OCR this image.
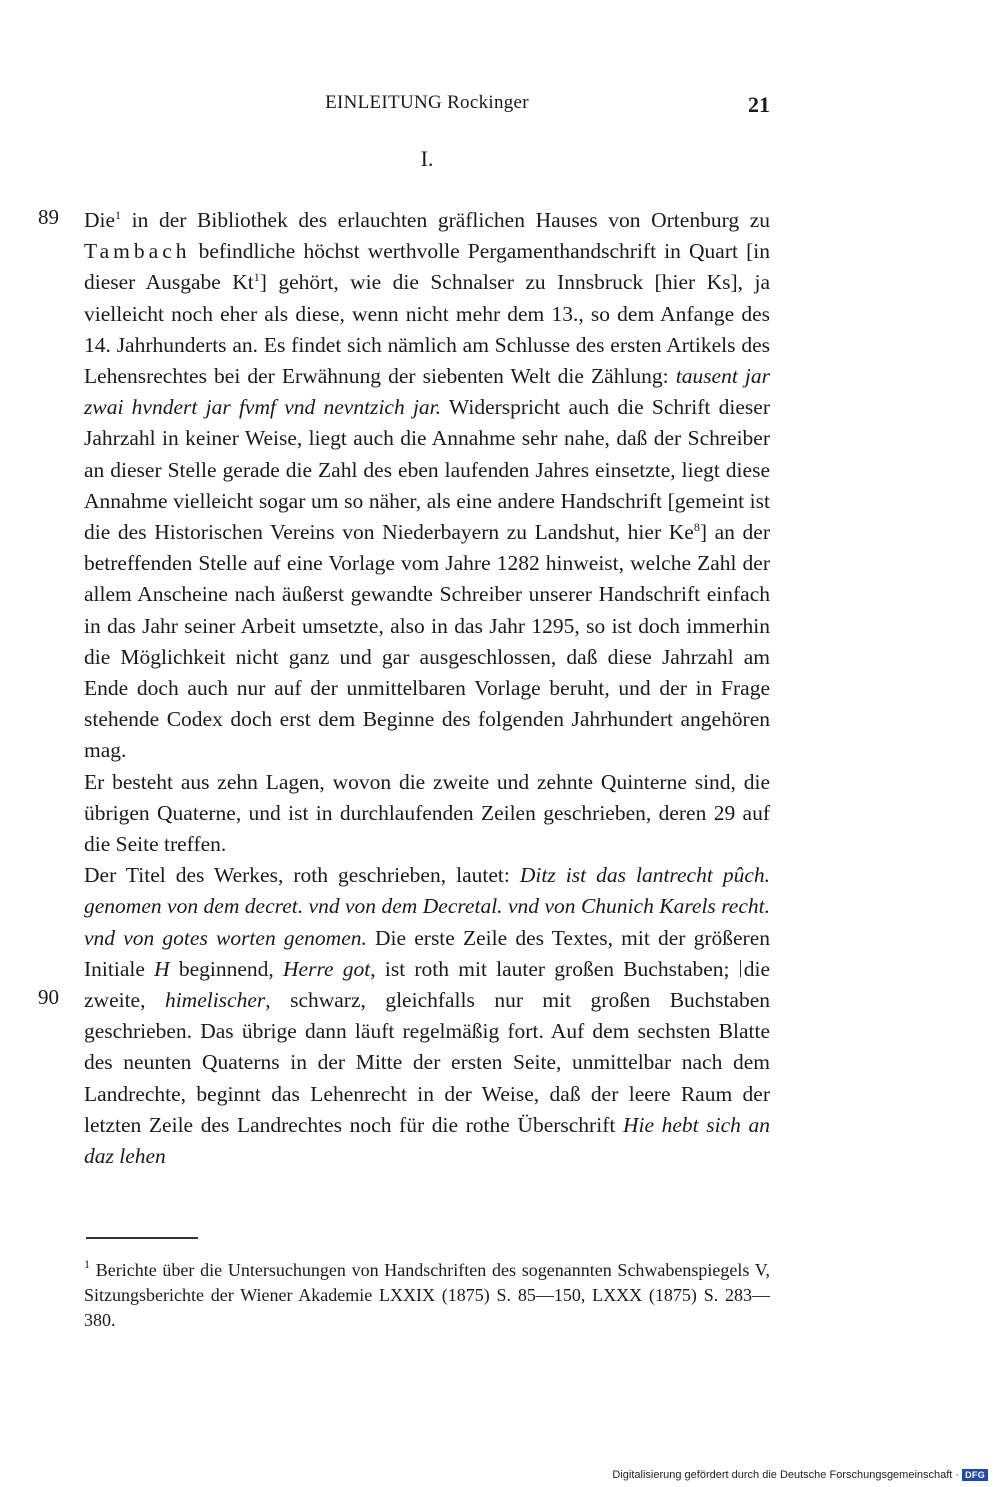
EINLEITUNG Rockinger	21
I.
89
90

Die$^1$ in der Bibliothek des erlauchten gräflichen Hauses von Ortenburg zu Tambach befindliche höchst werthvolle Pergamenthandschrift in Quart [in dieser Ausgabe Kt$^1$] gehört, wie die Schnalser zu Innsbruck [hier Ks], ja vielleicht noch eher als diese, wenn nicht mehr dem 13., so dem Anfange des 14. Jahrhunderts an. Es findet sich nämlich am Schlusse des ersten Artikels des Lehensrechtes bei der Erwähnung der siebenten Welt die Zählung: tausent jar zwai hvndert jar fvmf vnd nevntzich jar. Widerspricht auch die Schrift dieser Jahrzahl in keiner Weise, liegt auch die Annahme sehr nahe, daß der Schreiber an dieser Stelle gerade die Zahl des eben laufenden Jahres einsetzte, liegt diese Annahme vielleicht sogar um so näher, als eine andere Handschrift [gemeint ist die des Historischen Vereins von Niederbayern zu Landshut, hier Ke$^8$] an der betreffenden Stelle auf eine Vorlage vom Jahre 1282 hinweist, welche Zahl der allem Anscheine nach äußerst gewandte Schreiber unserer Handschrift einfach in das Jahr seiner Arbeit umsetzte, also in das Jahr 1295, so ist doch immerhin die Möglichkeit nicht ganz und gar ausgeschlossen, daß diese Jahrzahl am Ende doch auch nur auf der unmittelbaren Vorlage beruht, und der in Frage stehende Codex doch erst dem Beginne des folgenden Jahrhundert angehören mag.

Er besteht aus zehn Lagen, wovon die zweite und zehnte Quinterne sind, die übrigen Quaterne, und ist in durchlaufenden Zeilen geschrieben, deren 29 auf die Seite treffen.

Der Titel des Werkes, roth geschrieben, lautet: Ditz ist das lantrecht pûch. genomen von dem decret. vnd von dem Decretal. vnd von Chunich Karels recht. vnd von gotes worten genomen. Die erste Zeile des Textes, mit der größeren Initiale H beginnend, Herre got, ist roth mit lauter großen Buchstaben; die zweite, himelischer, schwarz, gleichfalls nur mit großen Buchstaben geschrieben. Das übrige dann läuft regelmäßig fort. Auf dem sechsten Blatte des neunten Quaterns in der Mitte der ersten Seite, unmittelbar nach dem Landrechte, beginnt das Lehenrecht in der Weise, daß der leere Raum der letzten Zeile des Landrechtes noch für die rothe Überschrift Hie hebt sich an daz lehen

$^1$ Berichte über die Untersuchungen von Handschriften des sogenannten Schwabenspiegels V, Sitzungsberichte der Wiener Akademie LXXIX (1875) S. 85—150, LXXX (1875) S. 283—380.
Digitalisierung gefördert durch die Deutsche Forschungsgemeinschaft · DFG
